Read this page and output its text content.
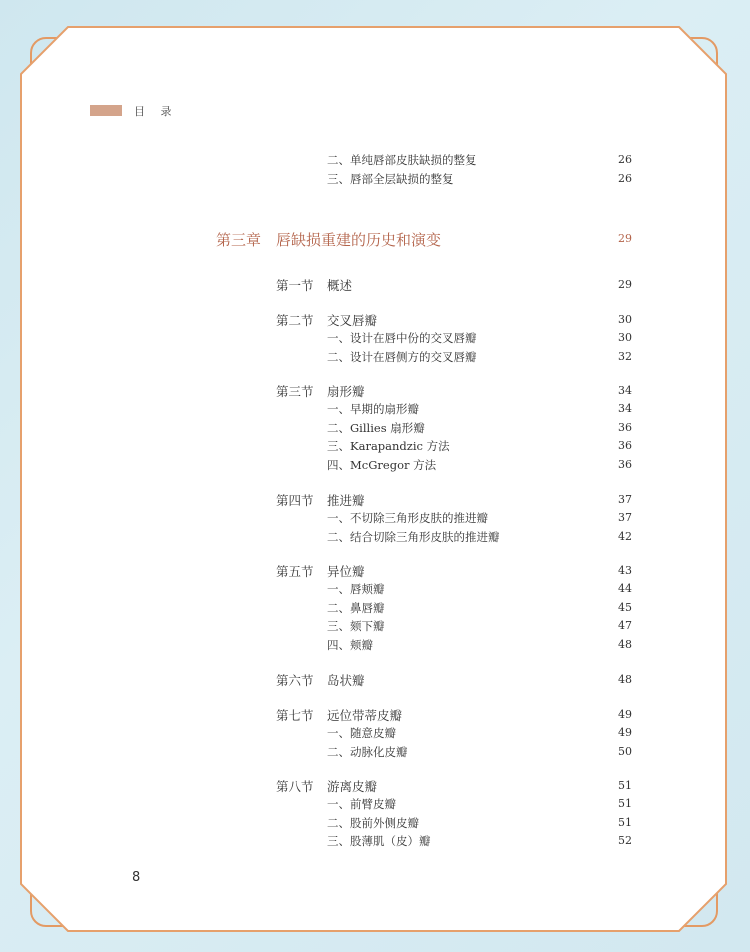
目 录
二、单纯唇部皮肤缺损的整复	26
三、唇部全层缺损的整复	26
第三章 唇缺损重建的历史和演变	29
第一节 概述	29
第二节 交叉唇瓣	30
一、设计在唇中份的交叉唇瓣	30
二、设计在唇侧方的交叉唇瓣	32
第三节 扇形瓣	34
一、早期的扇形瓣	34
二、Gillies 扇形瓣	36
三、Karapandzic 方法	36
四、McGregor 方法	36
第四节 推进瓣	37
一、不切除三角形皮肤的推进瓣	37
二、结合切除三角形皮肤的推进瓣	42
第五节 异位瓣	43
一、唇颊瓣	44
二、鼻唇瓣	45
三、颏下瓣	47
四、颊瓣	48
第六节 岛状瓣	48
第七节 远位带蒂皮瓣	49
一、随意皮瓣	49
二、动脉化皮瓣	50
第八节 游离皮瓣	51
一、前臂皮瓣	51
二、股前外侧皮瓣	51
三、股薄肌（皮）瓣	52
8
